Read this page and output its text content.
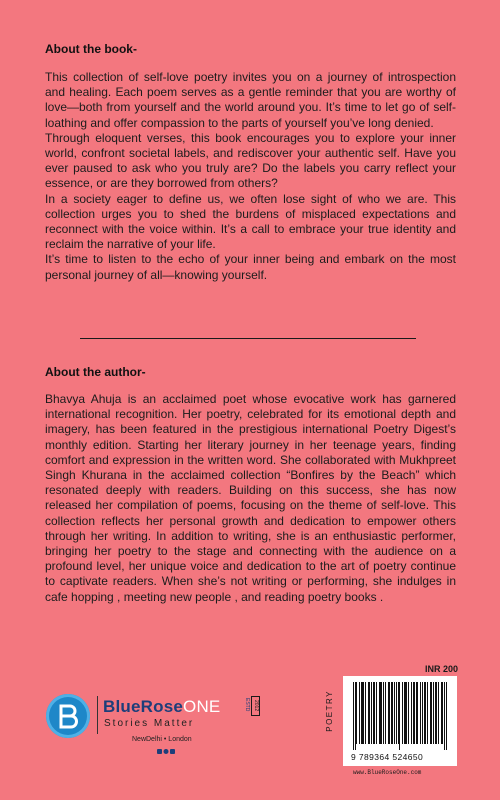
About the book-

This collection of self-love poetry invites you on a journey of introspection and healing. Each poem serves as a gentle reminder that you are worthy of love—both from yourself and the world around you. It’s time to let go of self-loathing and offer compassion to the parts of yourself you’ve long denied.

Through eloquent verses, this book encourages you to explore your inner world, confront societal labels, and rediscover your authentic self. Have you ever paused to ask who you truly are? Do the labels you carry reflect your essence, or are they borrowed from others?

In a society eager to define us, we often lose sight of who we are. This collection urges you to shed the burdens of misplaced expectations and reconnect with the voice within. It’s a call to embrace your true identity and reclaim the narrative of your life.

It’s time to listen to the echo of your inner being and embark on the most personal journey of all—knowing yourself.

About the author-

Bhavya Ahuja is an acclaimed poet whose evocative work has garnered international recognition. Her poetry, celebrated for its emotional depth and imagery, has been featured in the prestigious international Poetry Digest’s monthly edition. Starting her literary journey in her teenage years, finding comfort and expression in the written word. She collaborated with Mukhpreet Singh Khurana in the acclaimed collection “Bonfires by the Beach” which resonated deeply with readers. Building on this success, she has now released her compilation of poems, focusing on the theme of self-love. This collection reflects her personal growth and dedication to empower others through her writing. In addition to writing, she is an enthusiastic performer, bringing her poetry to the stage and connecting with the audience on a profound level, her unique voice and dedication to the art of poetry continue to captivate readers. When she’s not writing or performing, she indulges in cafe hopping , meeting new people , and reading poetry books .

BlueRoseONE	ESTD 2012
Stories Matter
NewDelhi • London
INR 200
POETRY
9 789364 524650
www.BlueRoseOne.com
